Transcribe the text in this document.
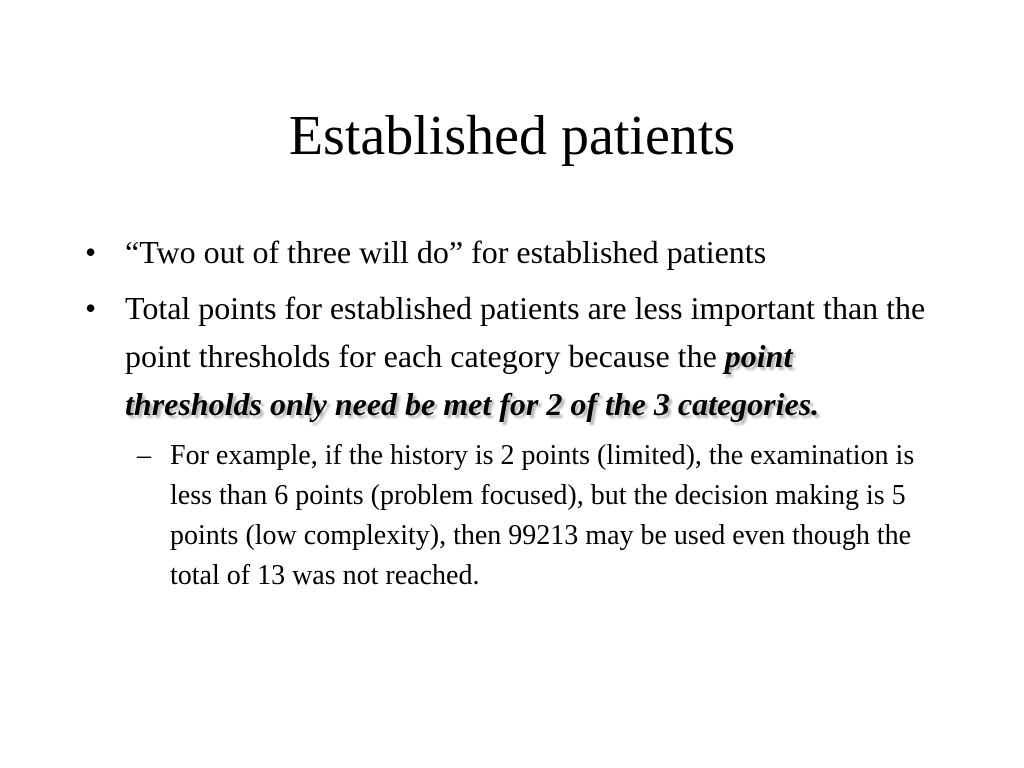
Established patients
• “Two out of three will do” for established patients
• Total points for established patients are less important than the point thresholds for each category because the point thresholds only need be met for 2 of the 3 categories.
– For example, if the history is 2 points (limited), the examination is less than 6 points (problem focused), but the decision making is 5 points (low complexity), then 99213 may be used even though the total of 13 was not reached.
